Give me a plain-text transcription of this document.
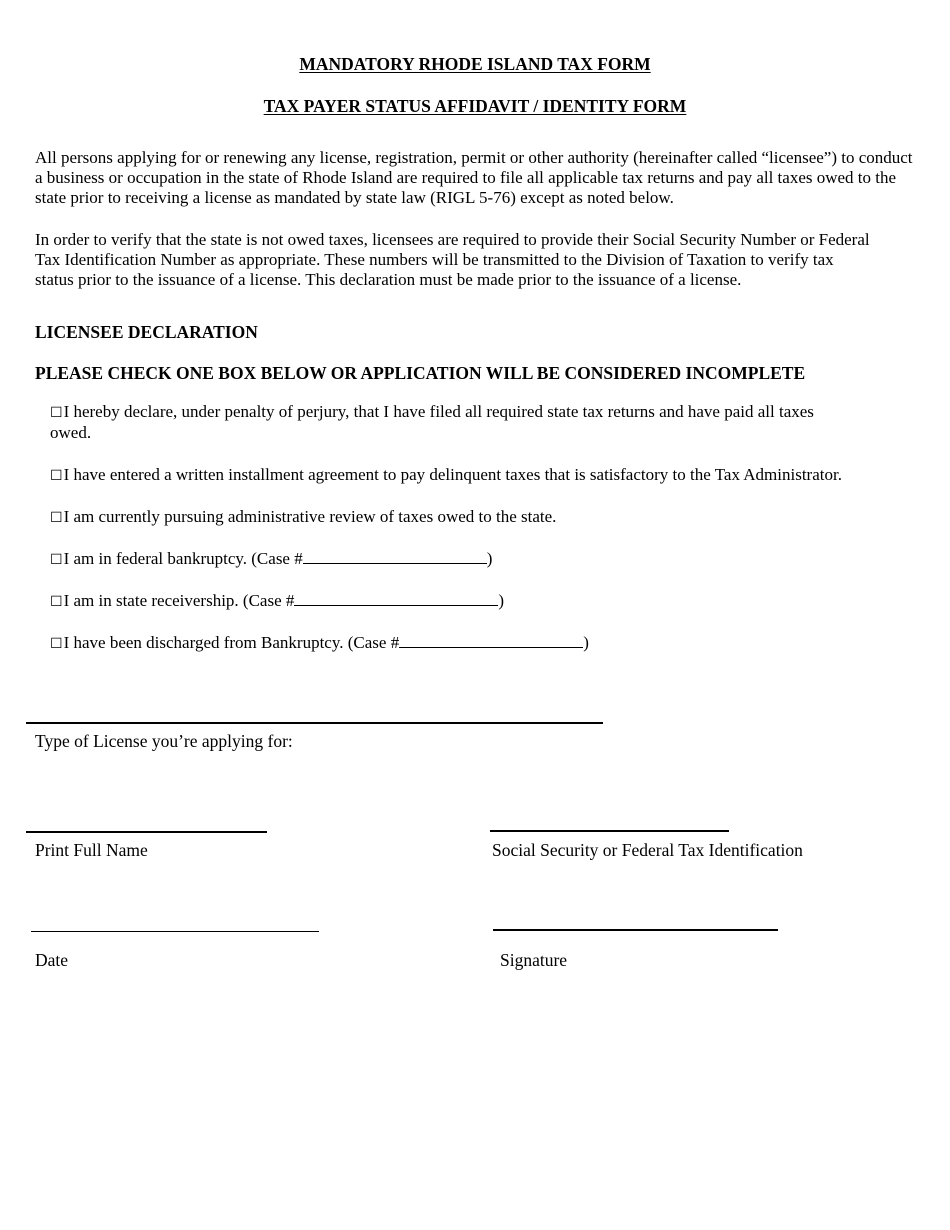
MANDATORY RHODE ISLAND TAX FORM
TAX PAYER STATUS AFFIDAVIT / IDENTITY FORM
All persons applying for or renewing any license, registration, permit or other authority (hereinafter called “licensee”) to conduct a business or occupation in the state of Rhode Island are required to file all applicable tax returns and pay all taxes owed to the state prior to receiving a license as mandated by state law (RIGL 5-76) except as noted below.
In order to verify that the state is not owed taxes, licensees are required to provide their Social Security Number or Federal Tax Identification Number as appropriate. These numbers will be transmitted to the Division of Taxation to verify tax status prior to the issuance of a license. This declaration must be made prior to the issuance of a license.
LICENSEE DECLARATION
PLEASE CHECK ONE BOX BELOW OR APPLICATION WILL BE CONSIDERED INCOMPLETE
☐I hereby declare, under penalty of perjury, that I have filed all required state tax returns and have paid all taxes
owed.
☐I have entered a written installment agreement to pay delinquent taxes that is satisfactory to the Tax Administrator.
☐I am currently pursuing administrative review of taxes owed to the state.
☐I am in federal bankruptcy. (Case #	)
☐I am in state receivership. (Case #	)
☐I have been discharged from Bankruptcy. (Case #	)
Type of License you’re applying for:
Print Full Name	Social Security or Federal Tax Identification
Date	Signature
